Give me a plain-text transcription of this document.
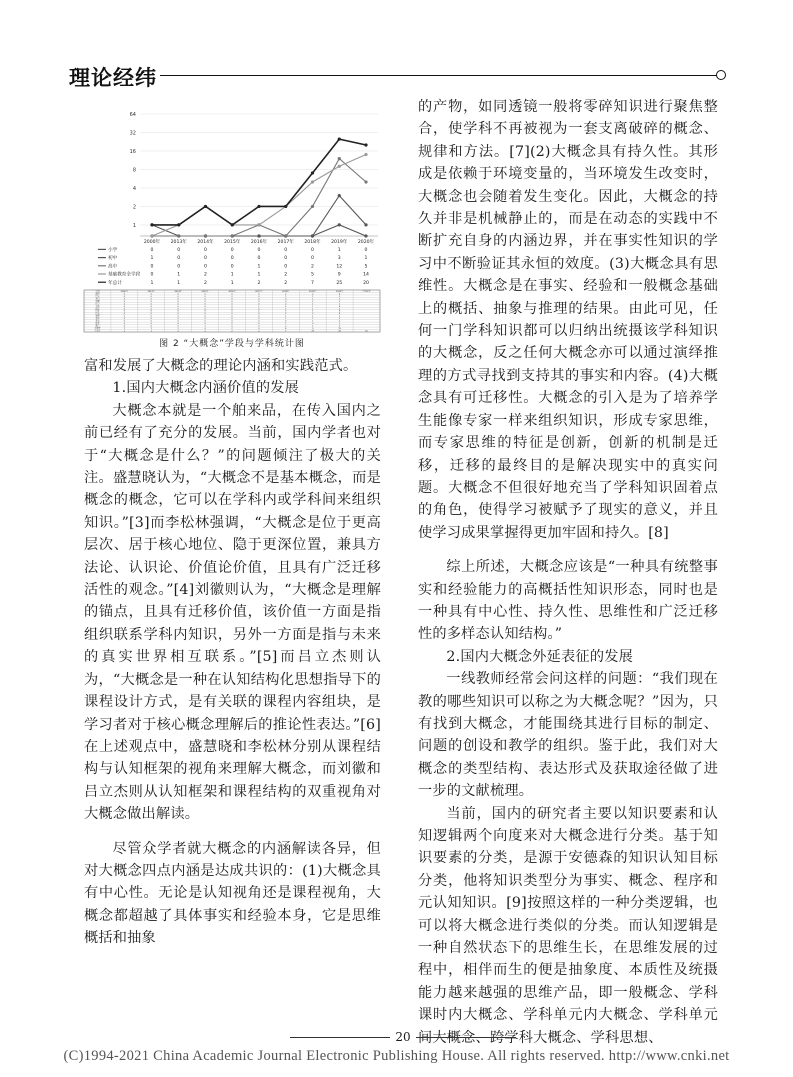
理论经纬
1
2
4
8
16
32
64
2000年 2013年 2014年 2015年 2016年 2017年 2018年 2019年 2020年
小学	0	0	0	0	0	0	0	1	0
初中	1	0	0	0	0	0	0	3	1
高中	0	0	0	0	1	0	2	12	5
基础教育全学段 0	1	2	1	1	2	5	9	14
年总计	1	1	2	1	2	2	7	25	20
学科	2000年	2013年	2014年	2015年	2016年	2017年	2018年	2019年	2020年	学科总计
通用	0	0	0	0	0	0	2	2	4
语文	0	0	0	0	0	0	1	1	2
外语	0	0	0	0	0	0	0	1	1
物理	0	0	0	0	0	0	0	2	2
化学	0	0	0	0	0	0	0	1	1
生物	0	0	0	0	0	1	5	1	8
科学	0	0	0	0	0	0	1	1	2
信息	0	0	0	0	0	2	3	1	6
历史	0	0	0	0	0	0	2	2	4
地理	0	0	0	0	0	0	1	1	2
美术	0	0	0	0	0	0	1	1	2
音乐	0	0	0	0	0	0	0	1	1
体育	0	0	0	0	0	0	1	0	1
数学	0	0	0	1	0	0	2	1	3
大教育	1	1	2	0	2	0	4	3	15
年总计	1	1	2	1	2	2	7	25	20	61
图 2 “大概念”学段与学科统计图

富和发展了大概念的理论内涵和实践范式。

1.国内大概念内涵价值的发展

大概念本就是一个舶来品，在传入国内之前已经有了充分的发展。当前，国内学者也对于“大概念是什么？”的问题倾注了极大的关注。盛慧晓认为，“大概念不是基本概念，而是概念的概念，它可以在学科内或学科间来组织知识。”[3]而李松林强调，“大概念是位于更高层次、居于核心地位、隐于更深位置，兼具方法论、认识论、价值论价值，且具有广泛迁移活性的观念。”[4]刘徽则认为，“大概念是理解的锚点，且具有迁移价值，该价值一方面是指组织联系学科内知识，另外一方面是指与未来的真实世界相互联系。”[5]而吕立杰则认为，“大概念是一种在认知结构化思想指导下的课程设计方式，是有关联的课程内容组块，是学习者对于核心概念理解后的推论性表达。”[6]在上述观点中，盛慧晓和李松林分别从课程结构与认知框架的视角来理解大概念，而刘徽和吕立杰则从认知框架和课程结构的双重视角对大概念做出解读。

尽管众学者就大概念的内涵解读各异，但对大概念四点内涵是达成共识的：(1)大概念具有中心性。无论是认知视角还是课程视角，大概念都超越了具体事实和经验本身，它是思维概括和抽象

的产物，如同透镜一般将零碎知识进行聚焦整合，使学科不再被视为一套支离破碎的概念、规律和方法。[7](2)大概念具有持久性。其形成是依赖于环境变量的，当环境发生改变时，大概念也会随着发生变化。因此，大概念的持久并非是机械静止的，而是在动态的实践中不断扩充自身的内涵边界，并在事实性知识的学习中不断验证其永恒的效度。(3)大概念具有思维性。大概念是在事实、经验和一般概念基础上的概括、抽象与推理的结果。由此可见，任何一门学科知识都可以归纳出统摄该学科知识的大概念，反之任何大概念亦可以通过演绎推理的方式寻找到支持其的事实和内容。(4)大概念具有可迁移性。大概念的引入是为了培养学生能像专家一样来组织知识，形成专家思维，而专家思维的特征是创新，创新的机制是迁移，迁移的最终目的是解决现实中的真实问题。大概念不但很好地充当了学科知识固着点的角色，使得学习被赋予了现实的意义，并且使学习成果掌握得更加牢固和持久。[8]

综上所述，大概念应该是“一种具有统整事实和经验能力的高概括性知识形态，同时也是一种具有中心性、持久性、思维性和广泛迁移性的多样态认知结构。”

2.国内大概念外延表征的发展

一线教师经常会问这样的问题：“我们现在教的哪些知识可以称之为大概念呢？”因为，只有找到大概念，才能围绕其进行目标的制定、问题的创设和教学的组织。鉴于此，我们对大概念的类型结构、表达形式及获取途径做了进一步的文献梳理。

当前，国内的研究者主要以知识要素和认知逻辑两个向度来对大概念进行分类。基于知识要素的分类，是源于安德森的知识认知目标分类，他将知识类型分为事实、概念、程序和元认知知识。[9]按照这样的一种分类逻辑，也可以将大概念进行类似的分类。而认知逻辑是一种自然状态下的思维生长，在思维发展的过程中，相伴而生的便是抽象度、本质性及统摄能力越来越强的思维产品，即一般概念、学科课时内大概念、学科单元内大概念、学科单元间大概念、跨学科大概念、学科思想、

20
(C)1994-2021 China Academic Journal Electronic Publishing House. All rights reserved. http://www.cnki.net
